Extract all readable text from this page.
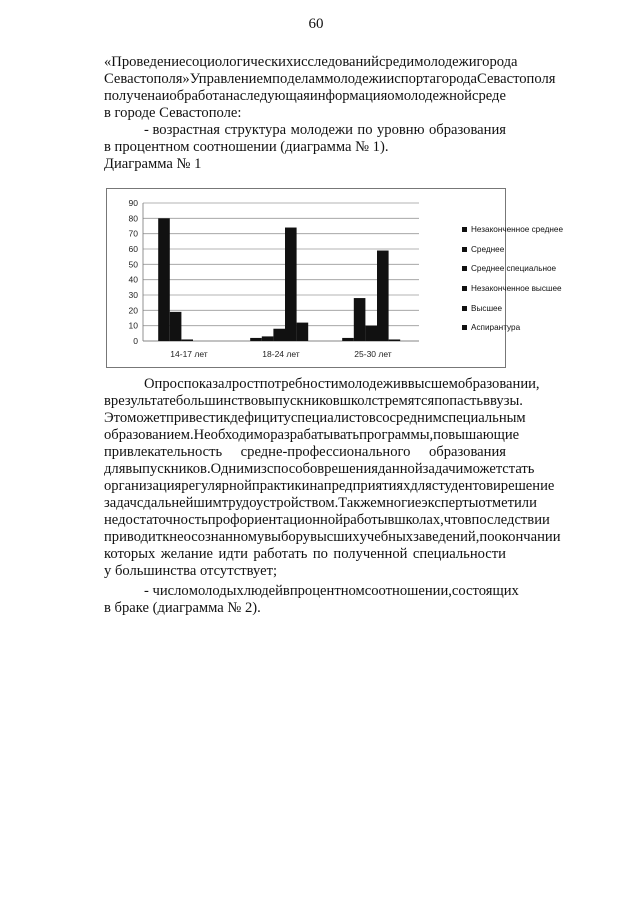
60
«Проведение социологических исследований среди молодежи города
Севастополя» Управлением по делам молодежи и спорта города Севастополя
получена и обработана следующая информация о молодежной среде
в городе Севастополе:
- возрастная структура молодежи по уровню образования
в процентном соотношении (диаграмма № 1).
Диаграмма № 1
0
10
20
30
40
50
60
70
80
90
14-17 лет	18-24 лет	25-30 лет
Незаконченное среднее
Среднее
Среднее специальное
Незаконченное высшее
Высшее
Аспирантура
Опрос показал рост потребности молодежи в высшем образовании,
в результате большинство выпускников школ стремятся попасть в вузы.
Это может привести к дефициту специалистов со средним специальным
образованием. Необходимо разрабатывать программы, повышающие
привлекательность средне-профессионального образования
для выпускников. Одним из способов решения данной задачи может стать
организация регулярной практики на предприятиях для студентов и решение
задач с дальнейшим трудоустройством. Также многие эксперты отметили
недостаточность профориентационной работы в школах, что впоследствии
приводит к неосознанному выбору высших учебных заведений, по окончании
которых желание идти работать по полученной специальности
у большинства отсутствует;
- число молодых людей в процентном соотношении, состоящих
в браке (диаграмма № 2).
